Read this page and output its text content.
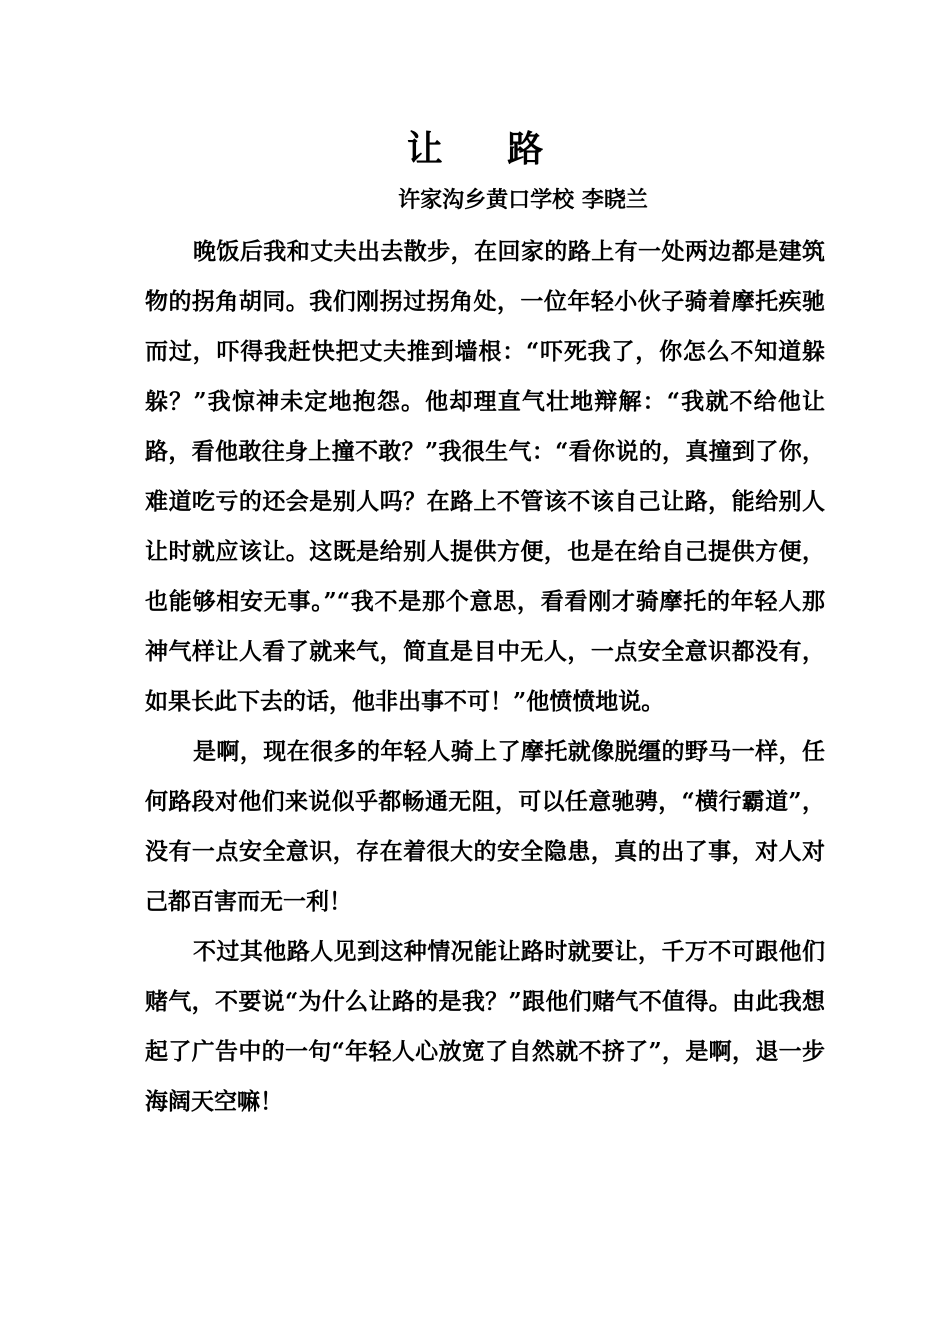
让 路
许家沟乡黄口学校 李晓兰

晚饭后我和丈夫出去散步，在回家的路上有一处两边都是建筑物的拐角胡同。我们刚拐过拐角处，一位年轻小伙子骑着摩托疾驰而过，吓得我赶快把丈夫推到墙根：“吓死我了，你怎么不知道躲躲？”我惊神未定地抱怨。他却理直气壮地辩解：“我就不给他让路，看他敢往身上撞不敢？”我很生气：“看你说的，真撞到了你，难道吃亏的还会是别人吗？在路上不管该不该自己让路，能给别人让时就应该让。这既是给别人提供方便，也是在给自己提供方便，也能够相安无事。”“我不是那个意思，看看刚才骑摩托的年轻人那神气样让人看了就来气，简直是目中无人，一点安全意识都没有，如果长此下去的话，他非出事不可！”他愤愤地说。

是啊，现在很多的年轻人骑上了摩托就像脱缰的野马一样，任何路段对他们来说似乎都畅通无阻，可以任意驰骋，“横行霸道”，没有一点安全意识，存在着很大的安全隐患，真的出了事，对人对己都百害而无一利！

不过其他路人见到这种情况能让路时就要让，千万不可跟他们赌气，不要说“为什么让路的是我？”跟他们赌气不值得。由此我想起了广告中的一句“年轻人心放宽了自然就不挤了”，是啊，退一步海阔天空嘛！
